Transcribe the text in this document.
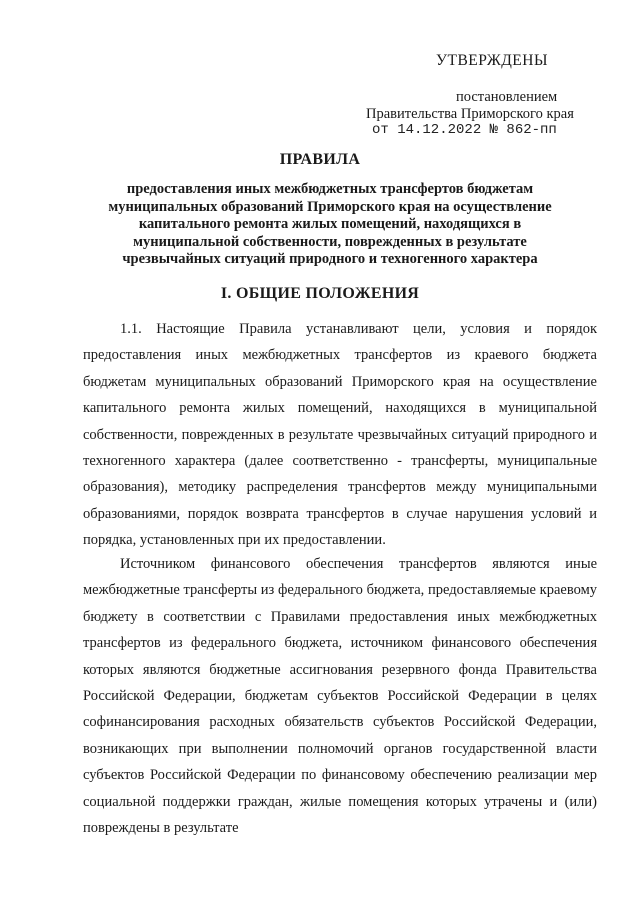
УТВЕРЖДЕНЫ
постановлением
Правительства Приморского края
от 14.12.2022 № 862-пп
ПРАВИЛА
предоставления иных межбюджетных трансфертов бюджетам муниципальных образований Приморского края на осуществление капитального ремонта жилых помещений, находящихся в муниципальной собственности, поврежденных в результате чрезвычайных ситуаций природного и техногенного характера
I. ОБЩИЕ ПОЛОЖЕНИЯ

1.1. Настоящие Правила устанавливают цели, условия и порядок предоставления иных межбюджетных трансфертов из краевого бюджета бюджетам муниципальных образований Приморского края на осуществление капитального ремонта жилых помещений, находящихся в муниципальной собственности, поврежденных в результате чрезвычайных ситуаций природного и техногенного характера (далее соответственно - трансферты, муниципальные образования), методику распределения трансфертов между муниципальными образованиями, порядок возврата трансфертов в случае нарушения условий и порядка, установленных при их предоставлении.

Источником финансового обеспечения трансфертов являются иные межбюджетные трансферты из федерального бюджета, предоставляемые краевому бюджету в соответствии с Правилами предоставления иных межбюджетных трансфертов из федерального бюджета, источником финансового обеспечения которых являются бюджетные ассигнования резервного фонда Правительства Российской Федерации, бюджетам субъектов Российской Федерации в целях софинансирования расходных обязательств субъектов Российской Федерации, возникающих при выполнении полномочий органов государственной власти субъектов Российской Федерации по финансовому обеспечению реализации мер социальной поддержки граждан, жилые помещения которых утрачены и (или) повреждены в результате
